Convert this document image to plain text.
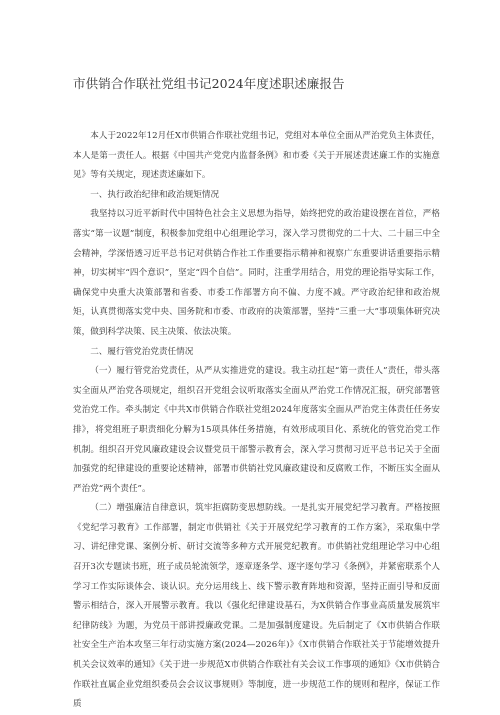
市供销合作联社党组书记2024年度述职述廉报告

本人于2022年12月任X市供销合作联社党组书记，党组对本单位全面从严治党负主体责任，本人是第一责任人。根据《中国共产党党内监督条例》和市委《关于开展述责述廉工作的实施意见》等有关规定，现述责述廉如下。

一、执行政治纪律和政治规矩情况

我坚持以习近平新时代中国特色社会主义思想为指导，始终把党的政治建设摆在首位，严格落实“第一议题”制度，积极参加党组中心组理论学习，深入学习贯彻党的二十大、二十届三中全会精神，学深悟透习近平总书记对供销合作社工作重要指示精神和视察广东重要讲话重要指示精神，切实树牢“四个意识”，坚定“四个自信”。同时，注重学用结合，用党的理论指导实际工作，确保党中央重大决策部署和省委、市委工作部署方向不偏、力度不减。严守政治纪律和政治规矩，认真贯彻落实党中央、国务院和市委、市政府的决策部署，坚持“三重一大”事项集体研究决策，做到科学决策、民主决策、依法决策。

二、履行管党治党责任情况

（一）履行管党治党责任，从严从实推进党的建设。我主动扛起“第一责任人”责任，带头落实全面从严治党各项规定，组织召开党组会议听取落实全面从严治党工作情况汇报，研究部署管党治党工作。牵头制定《中共X市供销合作联社党组2024年度落实全面从严治党主体责任任务安排》，将党组班子职责细化分解为15项具体任务措施，有效形成项目化、系统化的管党治党工作机制。组织召开党风廉政建设会议暨党员干部警示教育会，深入学习贯彻习近平总书记关于全面加强党的纪律建设的重要论述精神，部署市供销社党风廉政建设和反腐败工作，不断压实全面从严治党“两个责任”。

（二）增强廉洁自律意识，筑牢拒腐防变思想防线。一是扎实开展党纪学习教育。严格按照《党纪学习教育》工作部署，制定市供销社《关于开展党纪学习教育的工作方案》，采取集中学习、讲纪律党课、案例分析、研讨交流等多种方式开展党纪教育。市供销社党组理论学习中心组召开3次专题读书班，班子成员轮流领学，逐章逐条学、逐字逐句学习《条例》，并紧密联系个人学习工作实际谈体会、谈认识。充分运用线上、线下警示教育阵地和资源，坚持正面引导和反面警示相结合，深入开展警示教育。我以《强化纪律建设基石，为X供销合作事业高质量发展筑牢纪律防线》为题，为党员干部讲授廉政党课。二是加强制度建设。先后制定了《X市供销合作联社安全生产治本攻坚三年行动实施方案(2024—2026年)》《X市供销合作联社关于节能增效提升机关会议效率的通知》《关于进一步规范X市供销合作联社有关会议工作事项的通知》《X市供销合作联社直属企业党组织委员会会议议事规则》等制度，进一步规范工作的规则和程序，保证工作质
